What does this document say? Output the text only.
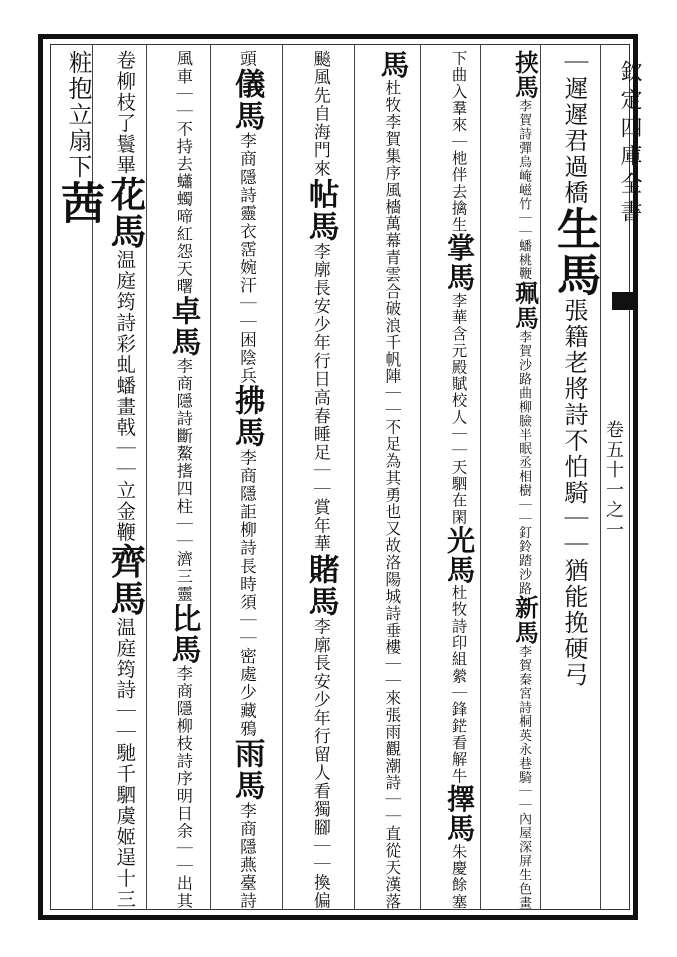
欽定四庫全書
卷五十一之一
｜遲遲君過橋生馬張籍老將詩不怕騎｜｜猶能挽硬弓
挟馬李賀詩彈烏崦嵫竹｜｜蟠桃鞭珮馬李賀沙路曲柳臉半眠丞相樹｜｜釘鈴踏沙路新馬李賀秦宮詩桐英永巷騎｜｜內屋深屏生色畫
下曲入羣來｜杝伴去擒生掌馬李華含元殿賦校人｜｜天駟在閑光馬杜牧詩印組縈｜鋒鋩看解牛擇馬朱慶餘塞
馬杜牧李賀集序風檣萬幕青雲合破浪千帆陣｜｜不足為其勇也又故洛陽城詩垂樓｜｜來張雨觀潮詩｜｜直從天漢落
飈風先自海門來帖馬李廓長安少年行日高春睡足｜｜賞年華賭馬李廓長安少年行留人看獨腳｜｜換偏
頭儀馬李商隱詩靈衣霑婉汗｜｜困陰兵拂馬李商隱詎柳詩長時須｜｜密處少藏鴉雨馬李商隱燕臺詩
風車｜｜不持去蠨蠋啼紅怨天曙卓馬李商隱詩斷鰲搘四柱｜｜濟三靈比馬李商隱柳枝詩序明日余｜｜出其
卷柳枝了鬟畢花馬温庭筠詩彩虬蟠畫戟｜｜立金鞭齊馬温庭筠詩｜｜馳千駟虞姬逞十三
粧抱立扇下茜
